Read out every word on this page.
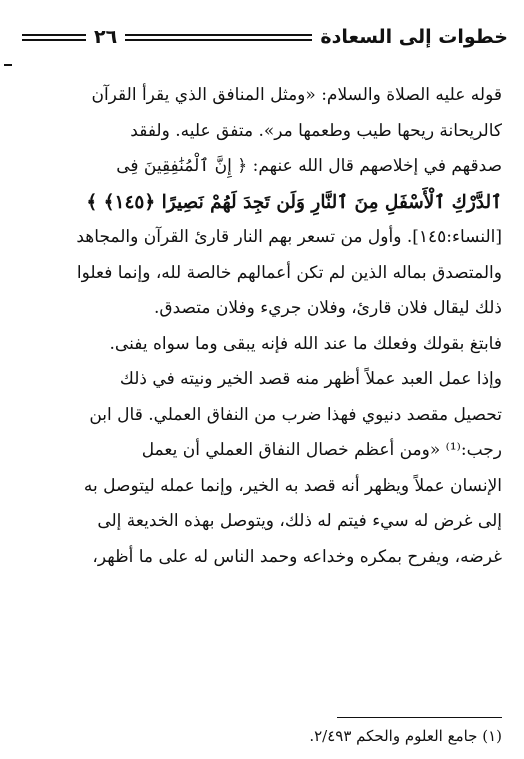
خطوات إلى السعادة
٢٦
قوله عليه الصلاة والسلام: «ومثل المنافق الذي يقرأ القرآن
كالريحانة ريحها طيب وطعمها مر». متفق عليه. ولفقد
صدقهم في إخلاصهم قال الله عنهم: ﴿ إِنَّ ٱلْمُنَٰفِقِينَ فِى
ٱلدَّرْكِ ٱلْأَسْفَلِ مِنَ ٱلنَّارِ وَلَن تَجِدَ لَهُمْ نَصِيرًا ﴿١٤٥﴾ ﴾
[النساء:١٤٥]. وأول من تسعر بهم النار قارئ القرآن والمجاهد
والمتصدق بماله الذين لم تكن أعمالهم خالصة لله، وإنما فعلوا
ذلك ليقال فلان قارئ، وفلان جريء وفلان متصدق.
فابتغ بقولك وفعلك ما عند الله فإنه يبقى وما سواه يفنى.
وإذا عمل العبد عملاً أظهر منه قصد الخير ونيته في ذلك
تحصيل مقصد دنيوي فهذا ضرب من النفاق العملي. قال ابن
رجب:⁽¹⁾ «ومن أعظم خصال النفاق العملي أن يعمل
الإنسان عملاً ويظهر أنه قصد به الخير، وإنما عمله ليتوصل به
إلى غرض له سيء فيتم له ذلك، ويتوصل بهذه الخديعة إلى
غرضه، ويفرح بمكره وخداعه وحمد الناس له على ما أظهر،
(١) جامع العلوم والحكم ٢/٤٩٣.
